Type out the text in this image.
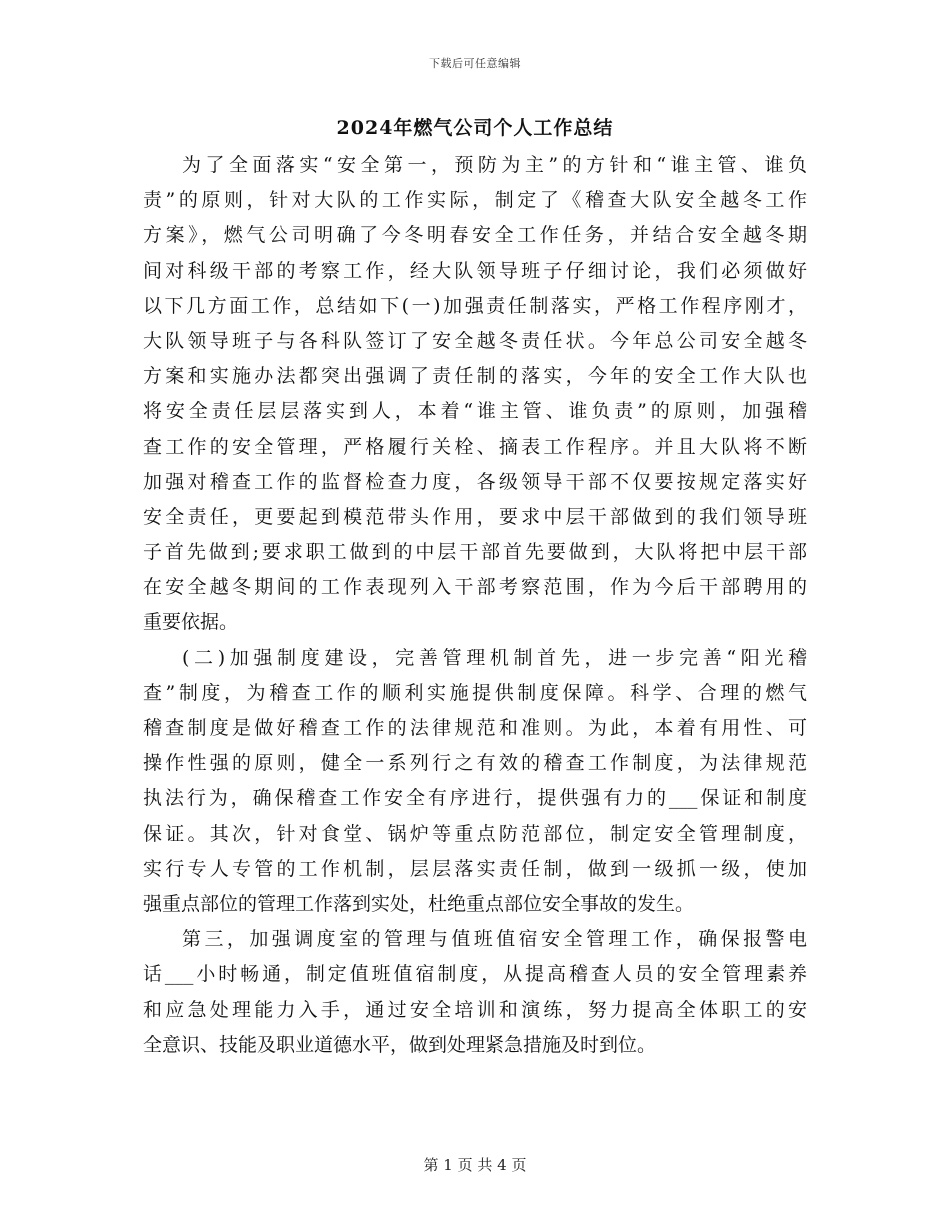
下载后可任意编辑
2024年燃气公司个人工作总结
为了全面落实“安全第一，预防为主”的方针和“谁主管、谁负
责”的原则，针对大队的工作实际，制定了《稽查大队安全越冬工作
方案》，燃气公司明确了今冬明春安全工作任务，并结合安全越冬期
间对科级干部的考察工作，经大队领导班子仔细讨论，我们必须做好
以下几方面工作，总结如下(一)加强责任制落实，严格工作程序刚才，
大队领导班子与各科队签订了安全越冬责任状。今年总公司安全越冬
方案和实施办法都突出强调了责任制的落实，今年的安全工作大队也
将安全责任层层落实到人，本着“谁主管、谁负责”的原则，加强稽
查工作的安全管理，严格履行关栓、摘表工作程序。并且大队将不断
加强对稽查工作的监督检查力度，各级领导干部不仅要按规定落实好
安全责任，更要起到模范带头作用，要求中层干部做到的我们领导班
子首先做到;要求职工做到的中层干部首先要做到，大队将把中层干部
在安全越冬期间的工作表现列入干部考察范围，作为今后干部聘用的
重要依据。
(二)加强制度建设，完善管理机制首先，进一步完善“阳光稽
查”制度，为稽查工作的顺利实施提供制度保障。科学、合理的燃气
稽查制度是做好稽查工作的法律规范和准则。为此，本着有用性、可
操作性强的原则，健全一系列行之有效的稽查工作制度，为法律规范
执法行为，确保稽查工作安全有序进行，提供强有力的___保证和制度
保证。其次，针对食堂、锅炉等重点防范部位，制定安全管理制度，
实行专人专管的工作机制，层层落实责任制，做到一级抓一级，使加
强重点部位的管理工作落到实处，杜绝重点部位安全事故的发生。
第三，加强调度室的管理与值班值宿安全管理工作，确保报警电
话___小时畅通，制定值班值宿制度，从提高稽查人员的安全管理素养
和应急处理能力入手，通过安全培训和演练，努力提高全体职工的安
全意识、技能及职业道德水平，做到处理紧急措施及时到位。
第 1 页 共 4 页
